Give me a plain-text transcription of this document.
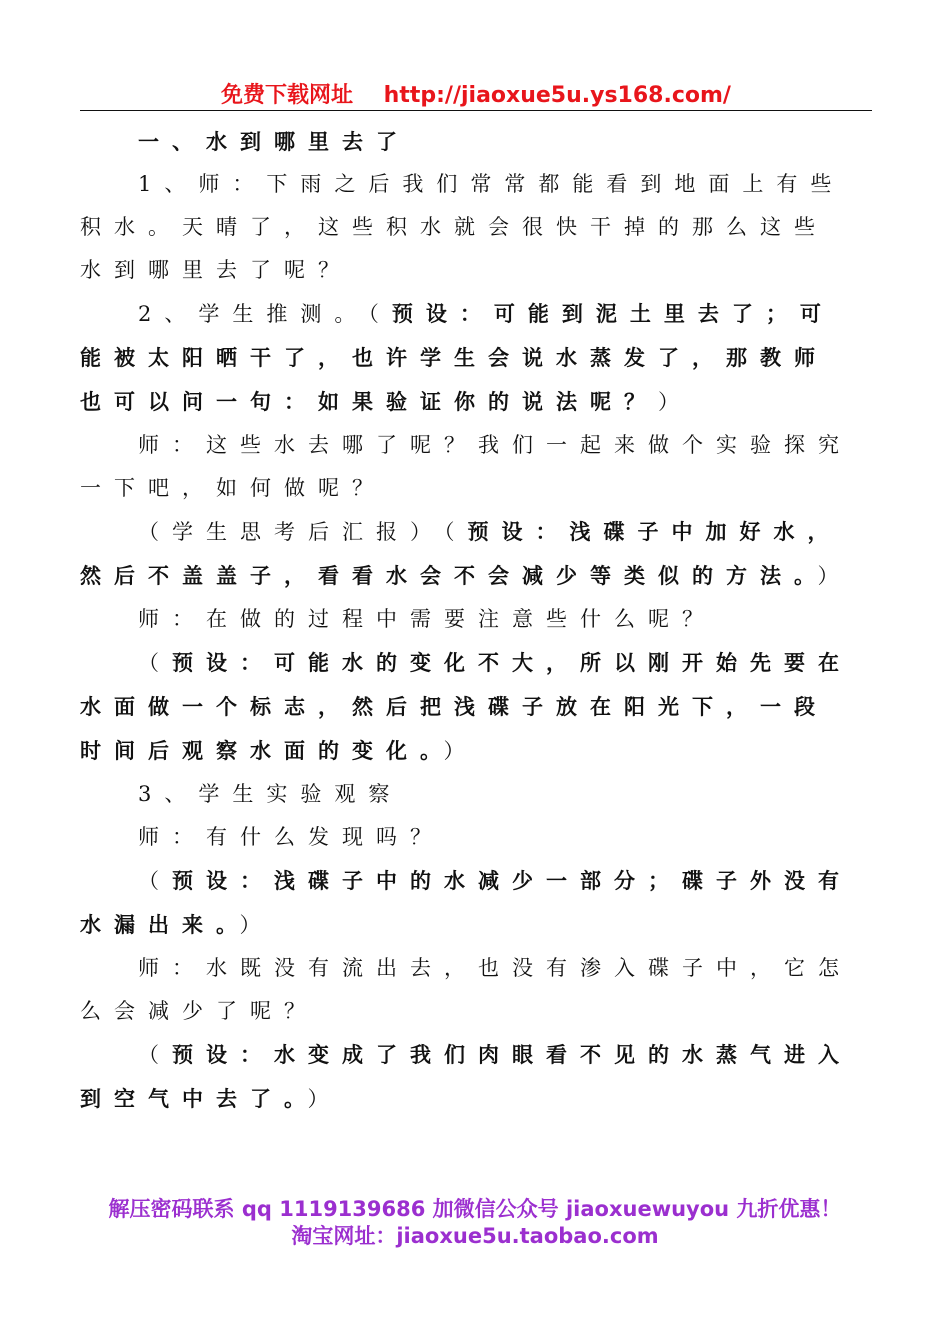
免费下载网址 http://jiaoxue5u.ys168.com/

一、水到哪里去了

1、师：下雨之后我们常常都能看到地面上有些积水。天晴了，这些积水就会很快干掉的那么这些水到哪里去了呢？

2、学生推测。（预设：可能到泥土里去了；可能被太阳晒干了，也许学生会说水蒸发了，那教师也可以问一句：如果验证你的说法呢？）

师：这些水去哪了呢？我们一起来做个实验探究一下吧，如何做呢？

（学生思考后汇报）（预设：浅碟子中加好水，然后不盖盖子，看看水会不会减少等类似的方法。）

师：在做的过程中需要注意些什么呢？

（预设：可能水的变化不大，所以刚开始先要在水面做一个标志，然后把浅碟子放在阳光下，一段时间后观察水面的变化。）

3、学生实验观察

师：有什么发现吗？

（预设：浅碟子中的水减少一部分；碟子外没有水漏出来。）

师：水既没有流出去，也没有渗入碟子中，它怎么会减少了呢？

（预设：水变成了我们肉眼看不见的水蒸气进入到空气中去了。）

解压密码联系 qq 1119139686 加微信公众号 jiaoxuewuyou 九折优惠！
淘宝网址：jiaoxue5u.taobao.com
